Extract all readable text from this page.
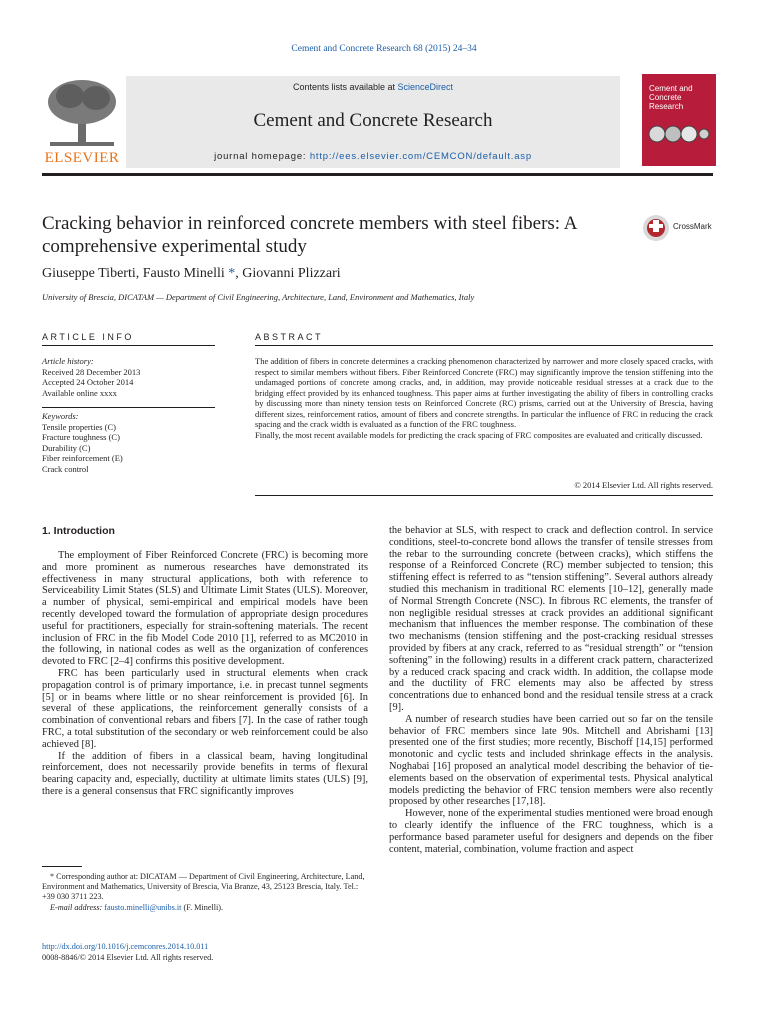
Cement and Concrete Research 68 (2015) 24–34
ELSEVIER
Contents lists available at ScienceDirect
Cement and Concrete Research
journal homepage: http://ees.elsevier.com/CEMCON/default.asp
Cement and Concrete Research
Cracking behavior in reinforced concrete members with steel fibers: A
comprehensive experimental study
CrossMark
Giuseppe Tiberti, Fausto Minelli *, Giovanni Plizzari
University of Brescia, DICATAM — Department of Civil Engineering, Architecture, Land, Environment and Mathematics, Italy
ARTICLE INFO
Article history:
Received 28 December 2013
Accepted 24 October 2014
Available online xxxx
Keywords:
Tensile properties (C)
Fracture toughness (C)
Durability (C)
Fiber reinforcement (E)
Crack control
ABSTRACT

The addition of fibers in concrete determines a cracking phenomenon characterized by narrower and more closely spaced cracks, with respect to similar members without fibers. Fiber Reinforced Concrete (FRC) may significantly improve the tension stiffening into the undamaged portions of concrete among cracks, and, in addition, may provide noticeable residual stresses at a crack due to the bridging effect provided by its enhanced toughness. This paper aims at further investigating the ability of fibers in controlling cracks by discussing more than ninety tension tests on Reinforced Concrete (RC) prisms, carried out at the University of Brescia, having different sizes, reinforcement ratios, amount of fibers and concrete strengths. In particular the influence of FRC in reducing the crack spacing and the crack width is evaluated as a function of the FRC toughness.

Finally, the most recent available models for predicting the crack spacing of FRC composites are evaluated and critically discussed.

© 2014 Elsevier Ltd. All rights reserved.
1. Introduction

The employment of Fiber Reinforced Concrete (FRC) is becoming more and more prominent as numerous researches have demonstrated its effectiveness in many structural applications, both with reference to Serviceability Limit States (SLS) and Ultimate Limit States (ULS). Moreover, a number of physical, semi-empirical and empirical models have been recently developed toward the formulation of appropriate design procedures useful for practitioners, especially for strain-softening materials. The recent inclusion of FRC in the fib Model Code 2010 [1], referred to as MC2010 in the following, in national codes as well as the organization of conferences devoted to FRC [2–4] confirms this positive development.

FRC has been particularly used in structural elements when crack propagation control is of primary importance, i.e. in precast tunnel segments [5] or in beams where little or no shear reinforcement is provided [6]. In several of these applications, the reinforcement generally consists of a combination of conventional rebars and fibers [7]. In the case of rather tough FRC, a total substitution of the secondary or web reinforcement could be also achieved [8].

If the addition of fibers in a classical beam, having longitudinal reinforcement, does not necessarily provide benefits in terms of flexural bearing capacity and, especially, ductility at ultimate limits states (ULS) [9], there is a general consensus that FRC significantly improves

the behavior at SLS, with respect to crack and deflection control. In service conditions, steel-to-concrete bond allows the transfer of tensile stresses from the rebar to the surrounding concrete (between cracks), which stiffens the response of a Reinforced Concrete (RC) member subjected to tension; this stiffening effect is referred to as “tension stiffening”. Several authors already studied this mechanism in traditional RC elements [10–12], generally made of Normal Strength Concrete (NSC). In fibrous RC elements, the transfer of non negligible residual stresses at crack provides an additional significant mechanism that influences the member response. The combination of these two mechanisms (tension stiffening and the post-cracking residual stresses provided by fibers at any crack, referred to as “residual strength” or “tension softening” in the following) results in a different crack pattern, characterized by a reduced crack spacing and crack width. In addition, the collapse mode and the ductility of FRC elements may also be affected by stress concentrations due to enhanced bond and the residual tensile stress at a crack [9].

A number of research studies have been carried out so far on the tensile behavior of FRC members since late 90s. Mitchell and Abrishami [13] presented one of the first studies; more recently, Bischoff [14,15] performed monotonic and cyclic tests and included shrinkage effects in the analysis. Noghabai [16] proposed an analytical model describing the behavior of tie-elements based on the observation of experimental tests. Physical analytical models predicting the behavior of FRC tension members were also recently proposed by other researches [17,18].

However, none of the experimental studies mentioned were broad enough to clearly identify the influence of the FRC toughness, which is a performance based parameter useful for designers and depends on the fiber content, material, combination, volume fraction and aspect

* Corresponding author at: DICATAM — Department of Civil Engineering, Architecture, Land, Environment and Mathematics, University of Brescia, Via Branze, 43, 25123 Brescia, Italy. Tel.: +39 030 3711 223.

E-mail address: fausto.minelli@unibs.it (F. Minelli).

http://dx.doi.org/10.1016/j.cemconres.2014.10.011
0008-8846/© 2014 Elsevier Ltd. All rights reserved.
